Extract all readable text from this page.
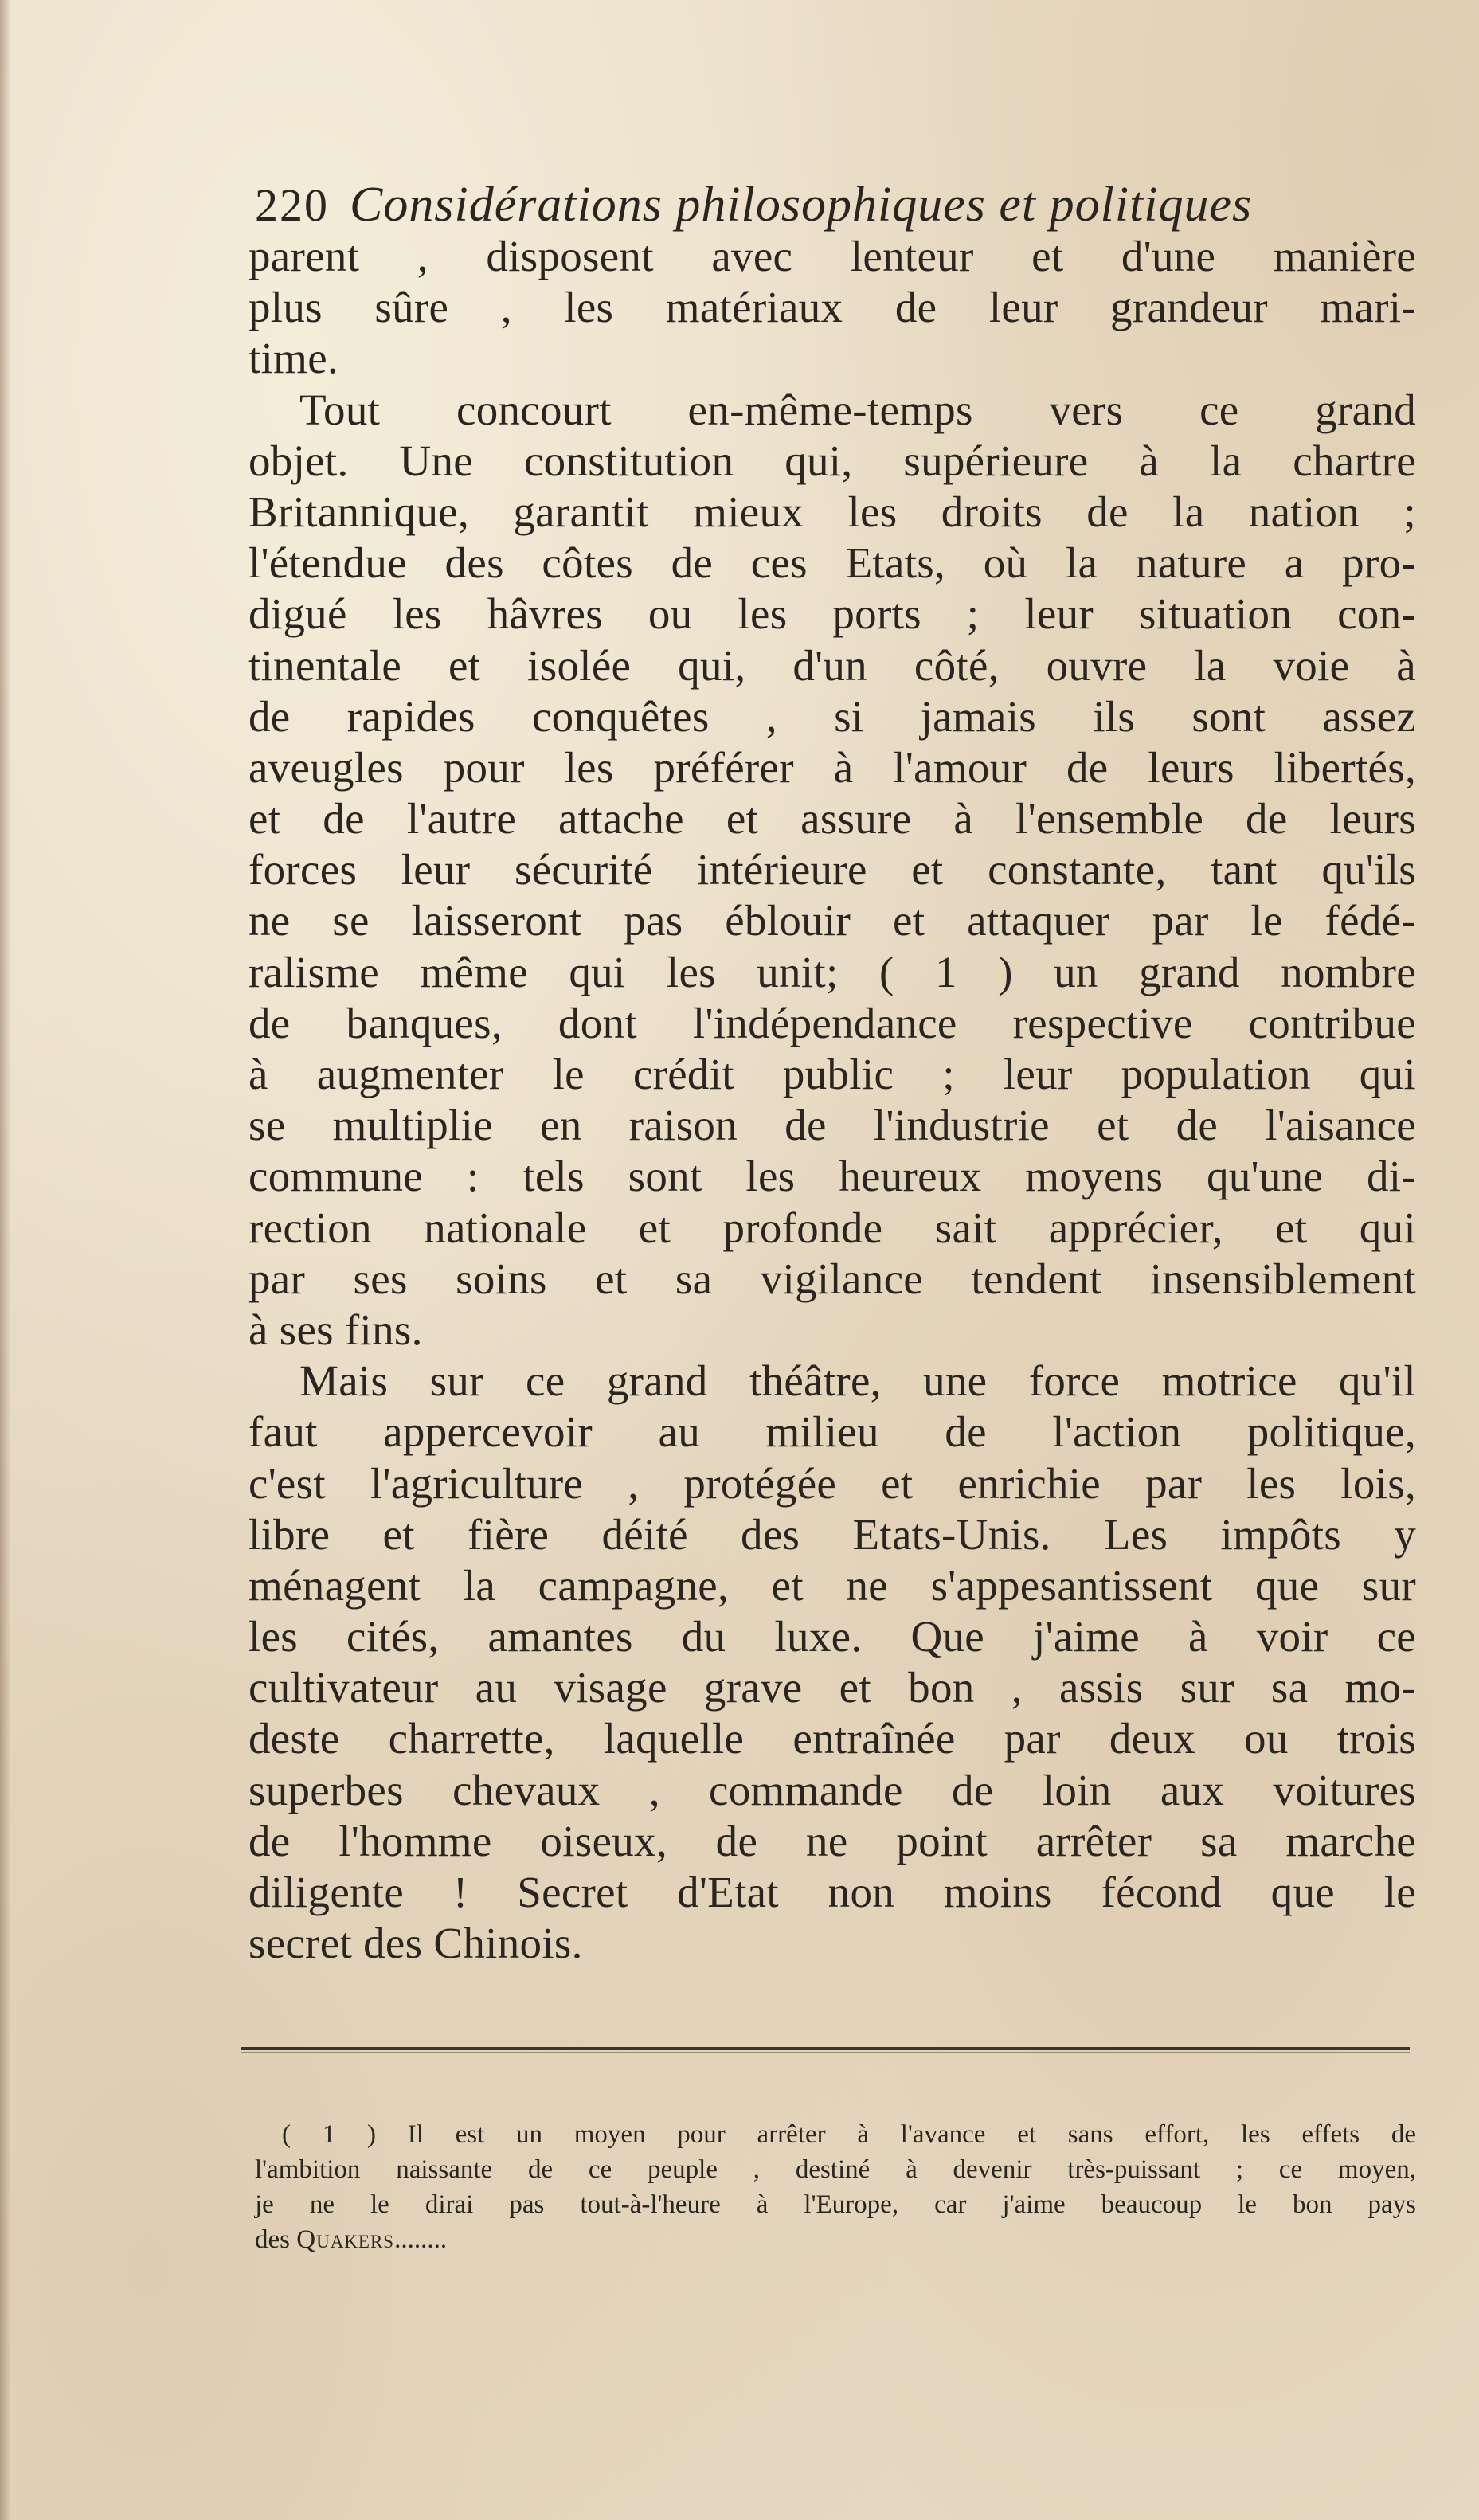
220 Considérations philosophiques et politiques
parent , disposent avec lenteur et d'une manière
plus sûre , les matériaux de leur grandeur mari-
time.
Tout concourt en-même-temps vers ce grand
objet. Une constitution qui, supérieure à la chartre
Britannique, garantit mieux les droits de la nation ;
l'étendue des côtes de ces Etats, où la nature a pro-
digué les hâvres ou les ports ; leur situation con-
tinentale et isolée qui, d'un côté, ouvre la voie à
de rapides conquêtes , si jamais ils sont assez
aveugles pour les préférer à l'amour de leurs libertés,
et de l'autre attache et assure à l'ensemble de leurs
forces leur sécurité intérieure et constante, tant qu'ils
ne se laisseront pas éblouir et attaquer par le fédé-
ralisme même qui les unit; ( 1 ) un grand nombre
de banques, dont l'indépendance respective contribue
à augmenter le crédit public ; leur population qui
se multiplie en raison de l'industrie et de l'aisance
commune : tels sont les heureux moyens qu'une di-
rection nationale et profonde sait apprécier, et qui
par ses soins et sa vigilance tendent insensiblement
à ses fins.
Mais sur ce grand théâtre, une force motrice qu'il
faut appercevoir au milieu de l'action politique,
c'est l'agriculture , protégée et enrichie par les lois,
libre et fière déité des Etats-Unis. Les impôts y
ménagent la campagne, et ne s'appesantissent que sur
les cités, amantes du luxe. Que j'aime à voir ce
cultivateur au visage grave et bon , assis sur sa mo-
deste charrette, laquelle entraînée par deux ou trois
superbes chevaux , commande de loin aux voitures
de l'homme oiseux, de ne point arrêter sa marche
diligente ! Secret d'Etat non moins fécond que le
secret des Chinois.
( 1 ) Il est un moyen pour arrêter à l'avance et sans effort, les effets de
l'ambition naissante de ce peuple , destiné à devenir très-puissant ; ce moyen,
je ne le dirai pas tout-à-l'heure à l'Europe, car j'aime beaucoup le bon pays
des Quakers........
